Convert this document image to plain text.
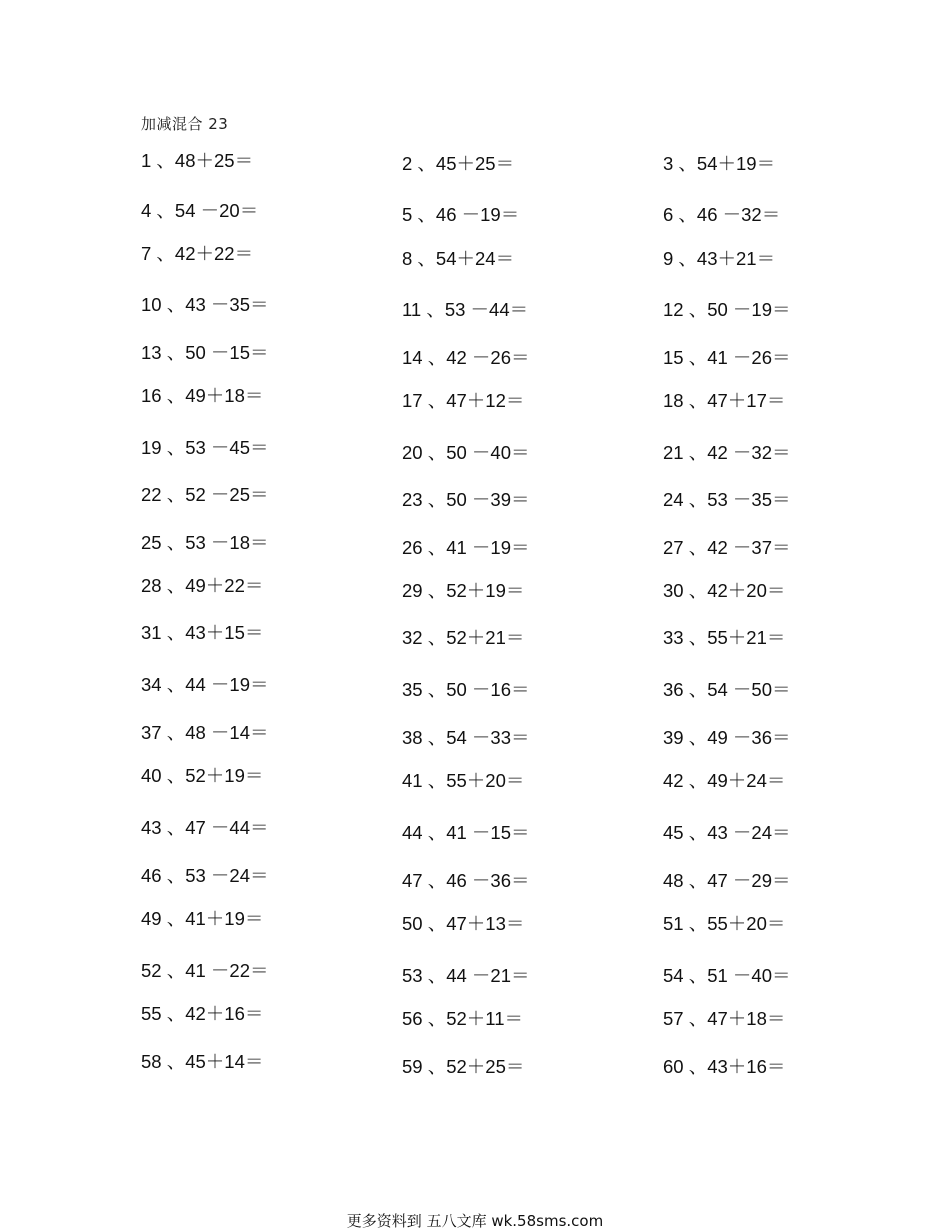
加减混合 23
1 、48＋25＝	2 、45＋25＝	3 、54＋19＝
4 、54 －20＝	5 、46 －19＝	6 、46 －32＝
7 、42＋22＝	8 、54＋24＝	9 、43＋21＝
10 、43 －35＝	11 、53 －44＝	12 、50 －19＝
13 、50 －15＝	14 、42 －26＝	15 、41 －26＝
16 、49＋18＝	17 、47＋12＝	18 、47＋17＝
19 、53 －45＝	20 、50 －40＝	21 、42 －32＝
22 、52 －25＝	23 、50 －39＝	24 、53 －35＝
25 、53 －18＝	26 、41 －19＝	27 、42 －37＝
28 、49＋22＝	29 、52＋19＝	30 、42＋20＝
31 、43＋15＝	32 、52＋21＝	33 、55＋21＝
34 、44 －19＝	35 、50 －16＝	36 、54 －50＝
37 、48 －14＝	38 、54 －33＝	39 、49 －36＝
40 、52＋19＝	41 、55＋20＝	42 、49＋24＝
43 、47 －44＝	44 、41 －15＝	45 、43 －24＝
46 、53 －24＝	47 、46 －36＝	48 、47 －29＝
49 、41＋19＝	50 、47＋13＝	51 、55＋20＝
52 、41 －22＝	53 、44 －21＝	54 、51 －40＝
55 、42＋16＝	56 、52＋11＝	57 、47＋18＝
58 、45＋14＝	59 、52＋25＝	60 、43＋16＝
更多资料到 五八文库 wk.58sms.com
